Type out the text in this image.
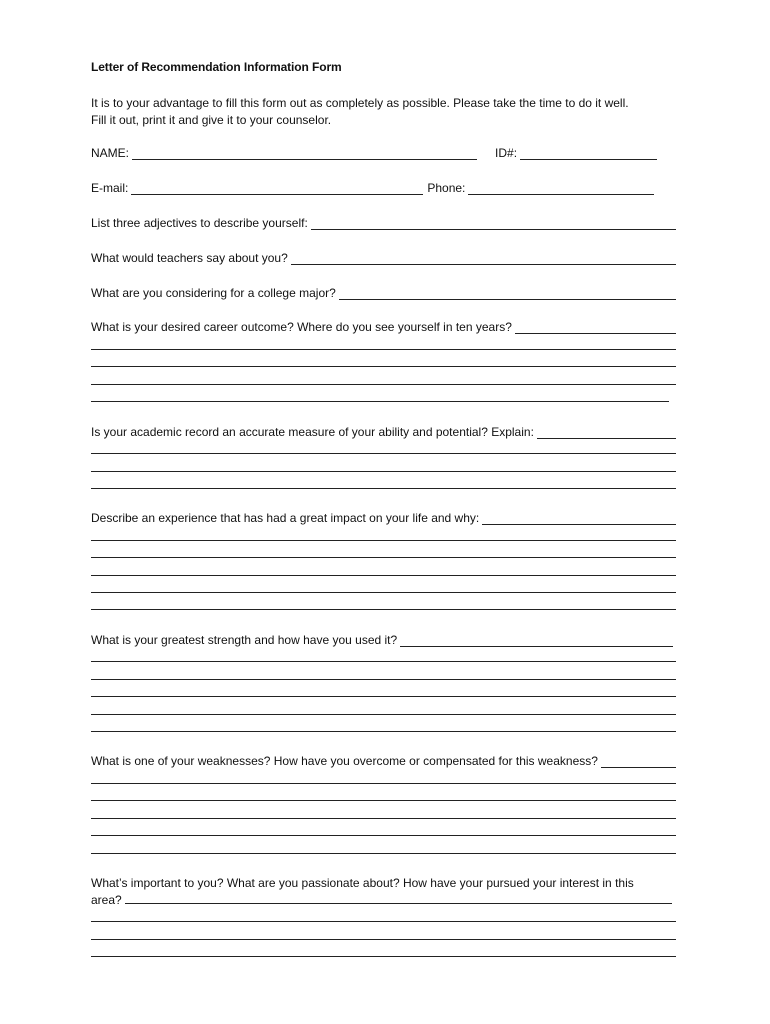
Letter of Recommendation Information Form
It is to your advantage to fill this form out as completely as possible. Please take the time to do it well.
Fill it out, print it and give it to your counselor.
NAME:	ID#:
E-mail:	Phone:
List three adjectives to describe yourself:
What would teachers say about you?
What are you considering for a college major?
What is your desired career outcome? Where do you see yourself in ten years?
Is your academic record an accurate measure of your ability and potential? Explain:
Describe an experience that has had a great impact on your life and why:
What is your greatest strength and how have you used it?
What is one of your weaknesses? How have you overcome or compensated for this weakness?
What’s important to you? What are you passionate about? How have your pursued your interest in this
area?
